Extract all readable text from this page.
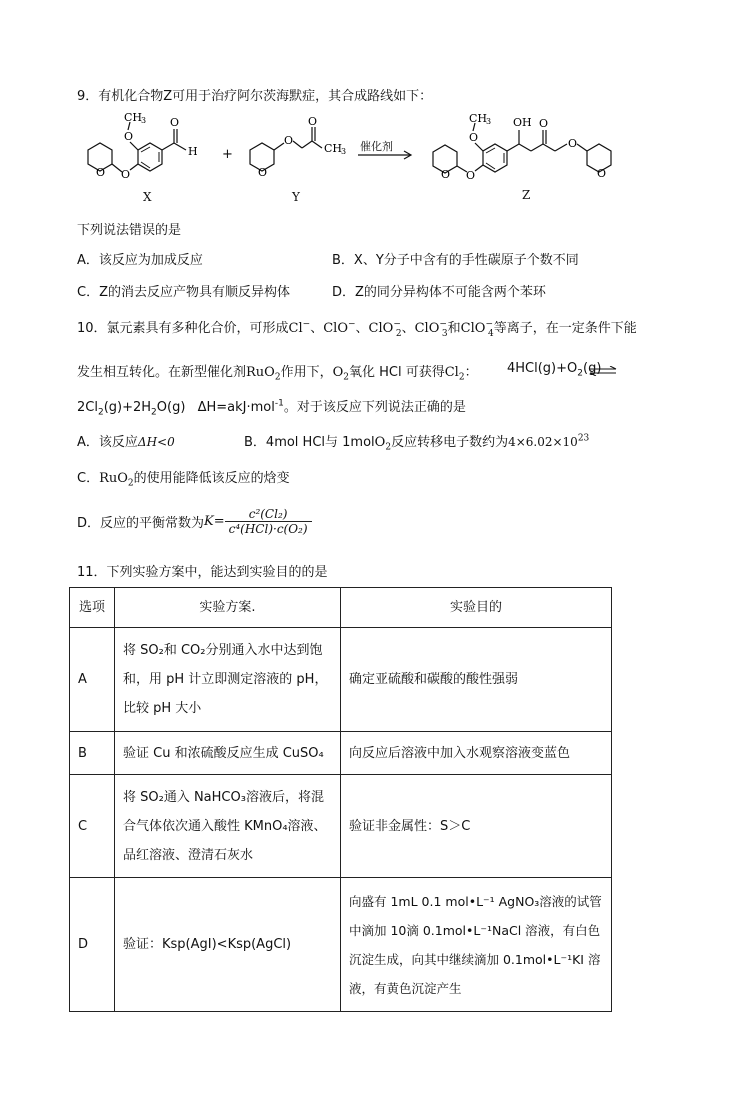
9．有机化合物Z可用于治疗阿尔茨海默症，其合成路线如下：
O O
O
CH
3 O
H
X
+
O
O
O
CH
3
Y
催化剂
O O
O
CH
3 OH O
O
O
Z
下列说法错误的是
A．该反应为加成反应	B．X、Y分子中含有的手性碳原子个数不同
C．Z的消去反应产物具有顺反异构体	D．Z的同分异构体不可能含两个苯环
10．氯元素具有多种化合价，可形成Cl−、ClO−、ClO−$_2$、ClO−$_3$和ClO−$_4$等离子，在一定条件下能
发生相互转化。在新型催化剂RuO$_2$作用下，$O_2$氧化 HCl 可获得$Cl_2$： $4HCl(g)+O_2(g)$
$2Cl_2(g)+2H_2O(g)$ ΔH=akJ·mol$^{-1}$。对于该反应下列说法正确的是
A．该反应ΔH<0	B．4mol HCl与 1molO$_2$反应转移电子数约为$4\times 6.02\times 10^{23}$
C．RuO$_2$的使用能降低该反应的焓变
D．反应的平衡常数为$K= \frac{\text{c²(Cl₂)}}{\text{c⁴(HCl)·c(O₂)}}$
11．下列实验方案中，能达到实验目的的是
选项	实验方案.	实验目的
A	将 SO₂和 CO₂分别通入水中达到饱和，用 pH 计立即测定溶液的 pH，比较 pH 大小	确定亚硫酸和碳酸的酸性强弱
B	验证 Cu 和浓硫酸反应生成 CuSO₄	向反应后溶液中加入水观察溶液变蓝色
C	将 SO₂通入 NaHCO₃溶液后，将混合气体依次通入酸性 KMnO₄溶液、品红溶液、澄清石灰水	验证非金属性：S＞C
D	验证：Ksp(AgI)<Ksp(AgCl)	向盛有 1mL 0.1 mol•L⁻¹ AgNO₃溶液的试管中滴加 10滴 0.1mol•L⁻¹NaCl 溶液，有白色沉淀生成，向其中继续滴加 0.1mol•L⁻¹KI 溶液，有黄色沉淀产生
